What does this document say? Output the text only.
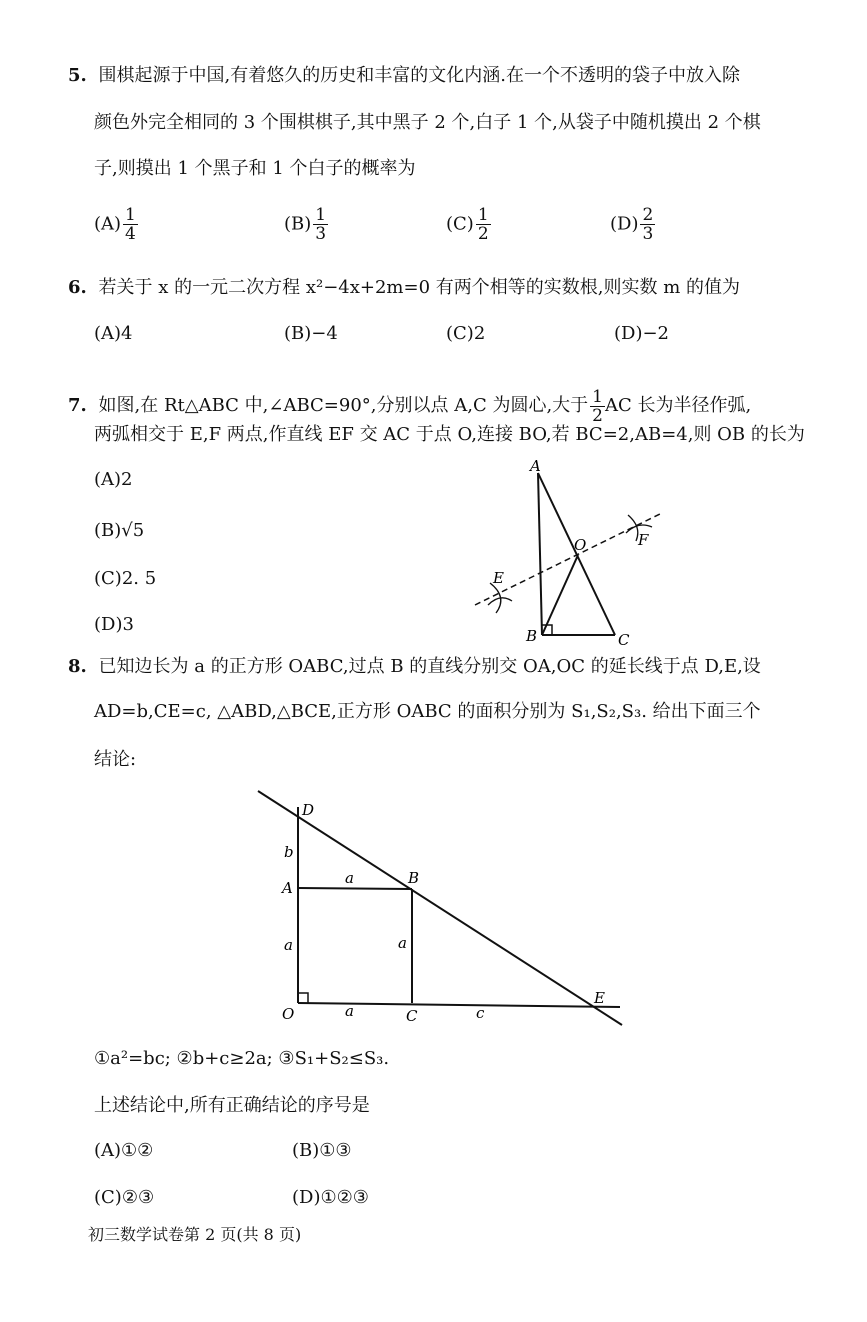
5. 围棋起源于中国,有着悠久的历史和丰富的文化内涵.在一个不透明的袋子中放入除
颜色外完全相同的 3 个围棋棋子,其中黑子 2 个,白子 1 个,从袋子中随机摸出 2 个棋
子,则摸出 1 个黑子和 1 个白子的概率为
$(A) \frac{1}{4}$	$(B) \frac{1}{3}$	$(C) \frac{1}{2}$	$(D) \frac{2}{3}$
6. 若关于 x 的一元二次方程 x²−4x+2m=0 有两个相等的实数根,则实数 m 的值为
(A)4	(B)−4	(C)2	(D)−2
7. 如图,在 Rt△ABC 中,∠ABC=90°,分别以点 A,C 为圆心,大于 $\frac{1}{2}$ AC 长为半径作弧,
两弧相交于 E,F 两点,作直线 EF 交 AC 于点 O,连接 BO,若 BC=2,AB=4,则 OB 的长为
(A)2
(B)√5
(C)2. 5
(D)3
A
B	C
O
E
F
8. 已知边长为 a 的正方形 OABC,过点 B 的直线分别交 OA,OC 的延长线于点 D,E,设
AD=b,CE=c, △ABD,△BCE,正方形 OABC 的面积分别为 S₁,S₂,S₃. 给出下面三个
结论:
D
A
B
O	C
E
b
a
a	a
a	c
①a²=bc; ②b+c≥2a; ③S₁+S₂≤S₃.
上述结论中,所有正确结论的序号是
(A)①②	(B)①③
(C)②③	(D)①②③
初三数学试卷第 2 页(共 8 页)
